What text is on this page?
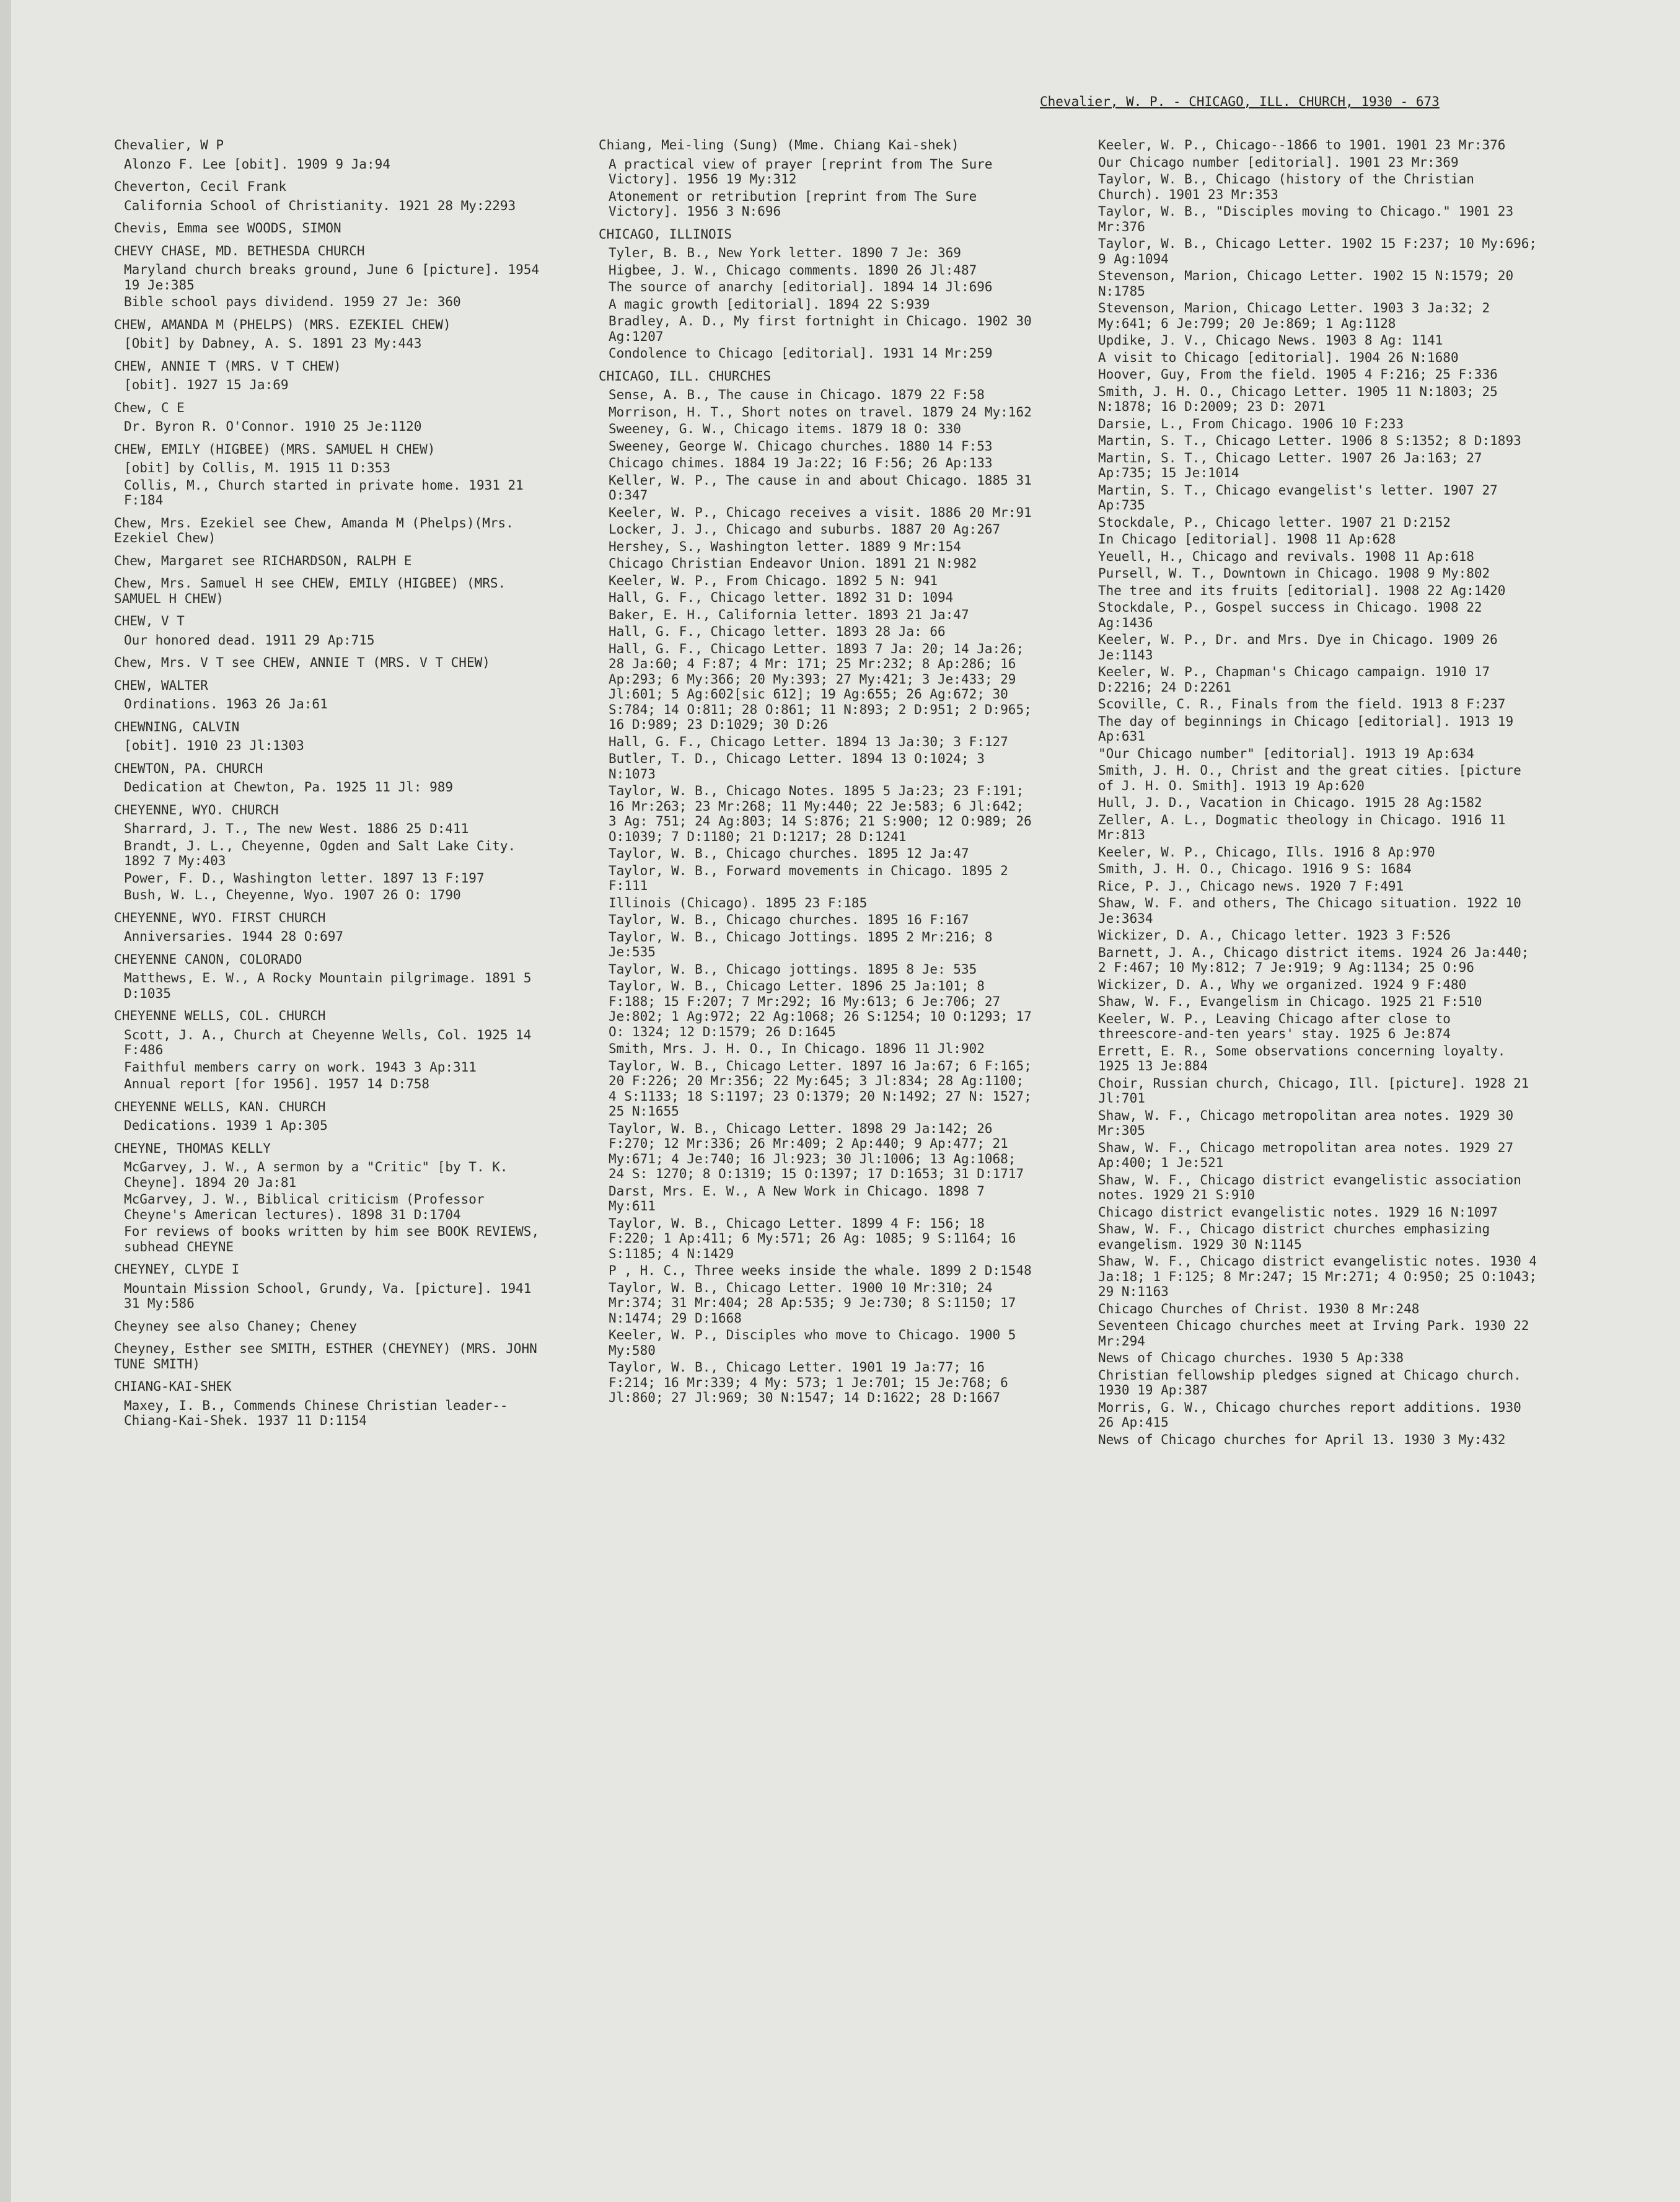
Chevalier, W. P. - CHICAGO, ILL. CHURCH, 1930 - 673
Chevalier, W P
Alonzo F. Lee [obit]. 1909 9 Ja:94
Cheverton, Cecil Frank
California School of Christianity. 1921 28 My:2293
Chevis, Emma see WOODS, SIMON
CHEVY CHASE, MD. BETHESDA CHURCH
Maryland church breaks ground, June 6 [picture]. 1954 19 Je:385
Bible school pays dividend. 1959 27 Je: 360
CHEW, AMANDA M (PHELPS) (MRS. EZEKIEL CHEW)
[Obit] by Dabney, A. S. 1891 23 My:443
CHEW, ANNIE T (MRS. V T CHEW)
[obit]. 1927 15 Ja:69
Chew, C E
Dr. Byron R. O'Connor. 1910 25 Je:1120
CHEW, EMILY (HIGBEE) (MRS. SAMUEL H CHEW)
[obit] by Collis, M. 1915 11 D:353
Collis, M., Church started in private home. 1931 21 F:184
Chew, Mrs. Ezekiel see Chew, Amanda M (Phelps)(Mrs. Ezekiel Chew)
Chew, Margaret see RICHARDSON, RALPH E
Chew, Mrs. Samuel H see CHEW, EMILY (HIGBEE) (MRS. SAMUEL H CHEW)
CHEW, V T
Our honored dead. 1911 29 Ap:715
Chew, Mrs. V T see CHEW, ANNIE T (MRS. V T CHEW)
CHEW, WALTER
Ordinations. 1963 26 Ja:61
CHEWNING, CALVIN
[obit]. 1910 23 Jl:1303
CHEWTON, PA. CHURCH
Dedication at Chewton, Pa. 1925 11 Jl: 989
CHEYENNE, WYO. CHURCH
Sharrard, J. T., The new West. 1886 25 D:411
Brandt, J. L., Cheyenne, Ogden and Salt Lake City. 1892 7 My:403
Power, F. D., Washington letter. 1897 13 F:197
Bush, W. L., Cheyenne, Wyo. 1907 26 O: 1790
CHEYENNE, WYO. FIRST CHURCH
Anniversaries. 1944 28 O:697
CHEYENNE CANON, COLORADO
Matthews, E. W., A Rocky Mountain pilgrimage. 1891 5 D:1035
CHEYENNE WELLS, COL. CHURCH
Scott, J. A., Church at Cheyenne Wells, Col. 1925 14 F:486
Faithful members carry on work. 1943 3 Ap:311
Annual report [for 1956]. 1957 14 D:758
CHEYENNE WELLS, KAN. CHURCH
Dedications. 1939 1 Ap:305
CHEYNE, THOMAS KELLY
McGarvey, J. W., A sermon by a "Critic" [by T. K. Cheyne]. 1894 20 Ja:81
McGarvey, J. W., Biblical criticism (Professor Cheyne's American lectures). 1898 31 D:1704
For reviews of books written by him see BOOK REVIEWS, subhead CHEYNE
CHEYNEY, CLYDE I
Mountain Mission School, Grundy, Va. [picture]. 1941 31 My:586
Cheyney see also Chaney; Cheney
Cheyney, Esther see SMITH, ESTHER (CHEYNEY) (MRS. JOHN TUNE SMITH)
CHIANG-KAI-SHEK
Maxey, I. B., Commends Chinese Christian leader--Chiang-Kai-Shek. 1937 11 D:1154
Chiang, Mei-ling (Sung) (Mme. Chiang Kai-shek)
A practical view of prayer [reprint from The Sure Victory]. 1956 19 My:312
Atonement or retribution [reprint from The Sure Victory]. 1956 3 N:696
CHICAGO, ILLINOIS
Tyler, B. B., New York letter. 1890 7 Je: 369
Higbee, J. W., Chicago comments. 1890 26 Jl:487
The source of anarchy [editorial]. 1894 14 Jl:696
A magic growth [editorial]. 1894 22 S:939
Bradley, A. D., My first fortnight in Chicago. 1902 30 Ag:1207
Condolence to Chicago [editorial]. 1931 14 Mr:259
CHICAGO, ILL. CHURCHES
Sense, A. B., The cause in Chicago. 1879 22 F:58
Morrison, H. T., Short notes on travel. 1879 24 My:162
Sweeney, G. W., Chicago items. 1879 18 O: 330
Sweeney, George W. Chicago churches. 1880 14 F:53
Chicago chimes. 1884 19 Ja:22; 16 F:56; 26 Ap:133
Keller, W. P., The cause in and about Chicago. 1885 31 O:347
Keeler, W. P., Chicago receives a visit. 1886 20 Mr:91
Locker, J. J., Chicago and suburbs. 1887 20 Ag:267
Hershey, S., Washington letter. 1889 9 Mr:154
Chicago Christian Endeavor Union. 1891 21 N:982
Keeler, W. P., From Chicago. 1892 5 N: 941
Hall, G. F., Chicago letter. 1892 31 D: 1094
Baker, E. H., California letter. 1893 21 Ja:47
Hall, G. F., Chicago letter. 1893 28 Ja: 66
Hall, G. F., Chicago Letter. 1893 7 Ja: 20; 14 Ja:26; 28 Ja:60; 4 F:87; 4 Mr: 171; 25 Mr:232; 8 Ap:286; 16 Ap:293; 6 My:366; 20 My:393; 27 My:421; 3 Je:433; 29 Jl:601; 5 Ag:602[sic 612]; 19 Ag:655; 26 Ag:672; 30 S:784; 14 O:811; 28 O:861; 11 N:893; 2 D:951; 2 D:965; 16 D:989; 23 D:1029; 30 D:26
Hall, G. F., Chicago Letter. 1894 13 Ja:30; 3 F:127
Butler, T. D., Chicago Letter. 1894 13 O:1024; 3 N:1073
Taylor, W. B., Chicago Notes. 1895 5 Ja:23; 23 F:191; 16 Mr:263; 23 Mr:268; 11 My:440; 22 Je:583; 6 Jl:642; 3 Ag: 751; 24 Ag:803; 14 S:876; 21 S:900; 12 O:989; 26 O:1039; 7 D:1180; 21 D:1217; 28 D:1241
Taylor, W. B., Chicago churches. 1895 12 Ja:47
Taylor, W. B., Forward movements in Chicago. 1895 2 F:111
Illinois (Chicago). 1895 23 F:185
Taylor, W. B., Chicago churches. 1895 16 F:167
Taylor, W. B., Chicago Jottings. 1895 2 Mr:216; 8 Je:535
Taylor, W. B., Chicago jottings. 1895 8 Je: 535
Taylor, W. B., Chicago Letter. 1896 25 Ja:101; 8 F:188; 15 F:207; 7 Mr:292; 16 My:613; 6 Je:706; 27 Je:802; 1 Ag:972; 22 Ag:1068; 26 S:1254; 10 O:1293; 17 O: 1324; 12 D:1579; 26 D:1645
Smith, Mrs. J. H. O., In Chicago. 1896 11 Jl:902
Taylor, W. B., Chicago Letter. 1897 16 Ja:67; 6 F:165; 20 F:226; 20 Mr:356; 22 My:645; 3 Jl:834; 28 Ag:1100; 4 S:1133; 18 S:1197; 23 O:1379; 20 N:1492; 27 N: 1527; 25 N:1655
Taylor, W. B., Chicago Letter. 1898 29 Ja:142; 26 F:270; 12 Mr:336; 26 Mr:409; 2 Ap:440; 9 Ap:477; 21 My:671; 4 Je:740; 16 Jl:923; 30 Jl:1006; 13 Ag:1068; 24 S: 1270; 8 O:1319; 15 O:1397; 17 D:1653; 31 D:1717
Darst, Mrs. E. W., A New Work in Chicago. 1898 7 My:611
Taylor, W. B., Chicago Letter. 1899 4 F: 156; 18 F:220; 1 Ap:411; 6 My:571; 26 Ag: 1085; 9 S:1164; 16 S:1185; 4 N:1429
P , H. C., Three weeks inside the whale. 1899 2 D:1548
Taylor, W. B., Chicago Letter. 1900 10 Mr:310; 24 Mr:374; 31 Mr:404; 28 Ap:535; 9 Je:730; 8 S:1150; 17 N:1474; 29 D:1668
Keeler, W. P., Disciples who move to Chicago. 1900 5 My:580
Taylor, W. B., Chicago Letter. 1901 19 Ja:77; 16 F:214; 16 Mr:339; 4 My: 573; 1 Je:701; 15 Je:768; 6 Jl:860; 27 Jl:969; 30 N:1547; 14 D:1622; 28 D:1667
Keeler, W. P., Chicago--1866 to 1901. 1901 23 Mr:376
Our Chicago number [editorial]. 1901 23 Mr:369
Taylor, W. B., Chicago (history of the Christian Church). 1901 23 Mr:353
Taylor, W. B., "Disciples moving to Chicago." 1901 23 Mr:376
Taylor, W. B., Chicago Letter. 1902 15 F:237; 10 My:696; 9 Ag:1094
Stevenson, Marion, Chicago Letter. 1902 15 N:1579; 20 N:1785
Stevenson, Marion, Chicago Letter. 1903 3 Ja:32; 2 My:641; 6 Je:799; 20 Je:869; 1 Ag:1128
Updike, J. V., Chicago News. 1903 8 Ag: 1141
A visit to Chicago [editorial]. 1904 26 N:1680
Hoover, Guy, From the field. 1905 4 F:216; 25 F:336
Smith, J. H. O., Chicago Letter. 1905 11 N:1803; 25 N:1878; 16 D:2009; 23 D: 2071
Darsie, L., From Chicago. 1906 10 F:233
Martin, S. T., Chicago Letter. 1906 8 S:1352; 8 D:1893
Martin, S. T., Chicago Letter. 1907 26 Ja:163; 27 Ap:735; 15 Je:1014
Martin, S. T., Chicago evangelist's letter. 1907 27 Ap:735
Stockdale, P., Chicago letter. 1907 21 D:2152
In Chicago [editorial]. 1908 11 Ap:628
Yeuell, H., Chicago and revivals. 1908 11 Ap:618
Pursell, W. T., Downtown in Chicago. 1908 9 My:802
The tree and its fruits [editorial]. 1908 22 Ag:1420
Stockdale, P., Gospel success in Chicago. 1908 22 Ag:1436
Keeler, W. P., Dr. and Mrs. Dye in Chicago. 1909 26 Je:1143
Keeler, W. P., Chapman's Chicago campaign. 1910 17 D:2216; 24 D:2261
Scoville, C. R., Finals from the field. 1913 8 F:237
The day of beginnings in Chicago [editorial]. 1913 19 Ap:631
"Our Chicago number" [editorial]. 1913 19 Ap:634
Smith, J. H. O., Christ and the great cities. [picture of J. H. O. Smith]. 1913 19 Ap:620
Hull, J. D., Vacation in Chicago. 1915 28 Ag:1582
Zeller, A. L., Dogmatic theology in Chicago. 1916 11 Mr:813
Keeler, W. P., Chicago, Ills. 1916 8 Ap:970
Smith, J. H. O., Chicago. 1916 9 S: 1684
Rice, P. J., Chicago news. 1920 7 F:491
Shaw, W. F. and others, The Chicago situation. 1922 10 Je:3634
Wickizer, D. A., Chicago letter. 1923 3 F:526
Barnett, J. A., Chicago district items. 1924 26 Ja:440; 2 F:467; 10 My:812; 7 Je:919; 9 Ag:1134; 25 O:96
Wickizer, D. A., Why we organized. 1924 9 F:480
Shaw, W. F., Evangelism in Chicago. 1925 21 F:510
Keeler, W. P., Leaving Chicago after close to threescore-and-ten years' stay. 1925 6 Je:874
Errett, E. R., Some observations concerning loyalty. 1925 13 Je:884
Choir, Russian church, Chicago, Ill. [picture]. 1928 21 Jl:701
Shaw, W. F., Chicago metropolitan area notes. 1929 30 Mr:305
Shaw, W. F., Chicago metropolitan area notes. 1929 27 Ap:400; 1 Je:521
Shaw, W. F., Chicago district evangelistic association notes. 1929 21 S:910
Chicago district evangelistic notes. 1929 16 N:1097
Shaw, W. F., Chicago district churches emphasizing evangelism. 1929 30 N:1145
Shaw, W. F., Chicago district evangelistic notes. 1930 4 Ja:18; 1 F:125; 8 Mr:247; 15 Mr:271; 4 O:950; 25 O:1043; 29 N:1163
Chicago Churches of Christ. 1930 8 Mr:248
Seventeen Chicago churches meet at Irving Park. 1930 22 Mr:294
News of Chicago churches. 1930 5 Ap:338
Christian fellowship pledges signed at Chicago church. 1930 19 Ap:387
Morris, G. W., Chicago churches report additions. 1930 26 Ap:415
News of Chicago churches for April 13. 1930 3 My:432
